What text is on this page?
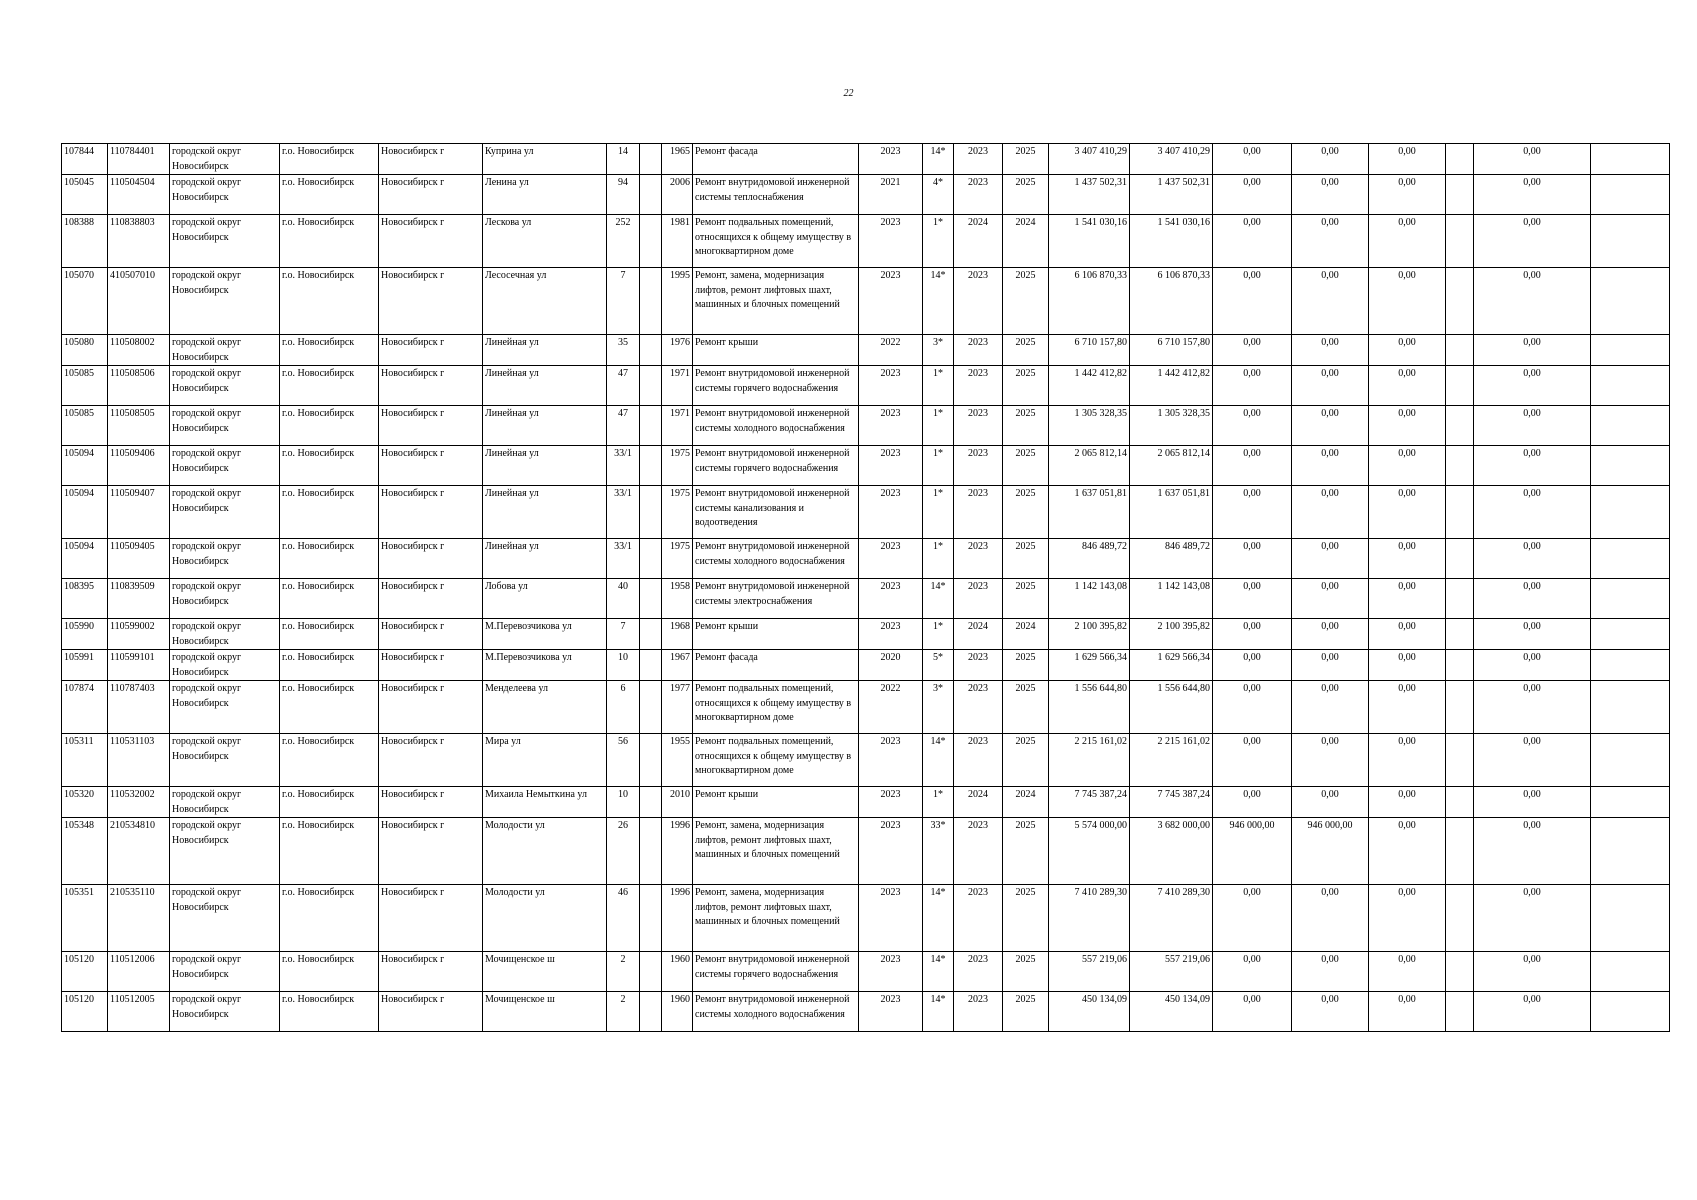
22
107844	110784401	городской округ Новосибирск	г.о. Новосибирск	Новосибирск г	Куприна ул	14		1965	Ремонт фасада	2023	14*	2023	2025	3 407 410,29	3 407 410,29	0,00	0,00	0,00		0,00	
105045	110504504	городской округ Новосибирск	г.о. Новосибирск	Новосибирск г	Ленина ул	94		2006	Ремонт внутридомовой инженерной системы теплоснабжения	2021	4*	2023	2025	1 437 502,31	1 437 502,31	0,00	0,00	0,00		0,00	
108388	110838803	городской округ Новосибирск	г.о. Новосибирск	Новосибирск г	Лескова ул	252		1981	Ремонт подвальных помещений, относящихся к общему имуществу в многоквартирном доме	2023	1*	2024	2024	1 541 030,16	1 541 030,16	0,00	0,00	0,00		0,00	
105070	410507010	городской округ Новосибирск	г.о. Новосибирск	Новосибирск г	Лесосечная ул	7		1995	Ремонт, замена, модернизация лифтов, ремонт лифтовых шахт, машинных и блочных помещений	2023	14*	2023	2025	6 106 870,33	6 106 870,33	0,00	0,00	0,00		0,00	
105080	110508002	городской округ Новосибирск	г.о. Новосибирск	Новосибирск г	Линейная ул	35		1976	Ремонт крыши	2022	3*	2023	2025	6 710 157,80	6 710 157,80	0,00	0,00	0,00		0,00	
105085	110508506	городской округ Новосибирск	г.о. Новосибирск	Новосибирск г	Линейная ул	47		1971	Ремонт внутридомовой инженерной системы горячего водоснабжения	2023	1*	2023	2025	1 442 412,82	1 442 412,82	0,00	0,00	0,00		0,00	
105085	110508505	городской округ Новосибирск	г.о. Новосибирск	Новосибирск г	Линейная ул	47		1971	Ремонт внутридомовой инженерной системы холодного водоснабжения	2023	1*	2023	2025	1 305 328,35	1 305 328,35	0,00	0,00	0,00		0,00	
105094	110509406	городской округ Новосибирск	г.о. Новосибирск	Новосибирск г	Линейная ул	33/1		1975	Ремонт внутридомовой инженерной системы горячего водоснабжения	2023	1*	2023	2025	2 065 812,14	2 065 812,14	0,00	0,00	0,00		0,00	
105094	110509407	городской округ Новосибирск	г.о. Новосибирск	Новосибирск г	Линейная ул	33/1		1975	Ремонт внутридомовой инженерной системы канализования и водоотведения	2023	1*	2023	2025	1 637 051,81	1 637 051,81	0,00	0,00	0,00		0,00	
105094	110509405	городской округ Новосибирск	г.о. Новосибирск	Новосибирск г	Линейная ул	33/1		1975	Ремонт внутридомовой инженерной системы холодного водоснабжения	2023	1*	2023	2025	846 489,72	846 489,72	0,00	0,00	0,00		0,00	
108395	110839509	городской округ Новосибирск	г.о. Новосибирск	Новосибирск г	Лобова ул	40		1958	Ремонт внутридомовой инженерной системы электроснабжения	2023	14*	2023	2025	1 142 143,08	1 142 143,08	0,00	0,00	0,00		0,00	
105990	110599002	городской округ Новосибирск	г.о. Новосибирск	Новосибирск г	М.Перевозчикова ул	7		1968	Ремонт крыши	2023	1*	2024	2024	2 100 395,82	2 100 395,82	0,00	0,00	0,00		0,00	
105991	110599101	городской округ Новосибирск	г.о. Новосибирск	Новосибирск г	М.Перевозчикова ул	10		1967	Ремонт фасада	2020	5*	2023	2025	1 629 566,34	1 629 566,34	0,00	0,00	0,00		0,00	
107874	110787403	городской округ Новосибирск	г.о. Новосибирск	Новосибирск г	Менделеева ул	6		1977	Ремонт подвальных помещений, относящихся к общему имуществу в многоквартирном доме	2022	3*	2023	2025	1 556 644,80	1 556 644,80	0,00	0,00	0,00		0,00	
105311	110531103	городской округ Новосибирск	г.о. Новосибирск	Новосибирск г	Мира ул	56		1955	Ремонт подвальных помещений, относящихся к общему имуществу в многоквартирном доме	2023	14*	2023	2025	2 215 161,02	2 215 161,02	0,00	0,00	0,00		0,00	
105320	110532002	городской округ Новосибирск	г.о. Новосибирск	Новосибирск г	Михаила Немыткина ул	10		2010	Ремонт крыши	2023	1*	2024	2024	7 745 387,24	7 745 387,24	0,00	0,00	0,00		0,00	
105348	210534810	городской округ Новосибирск	г.о. Новосибирск	Новосибирск г	Молодости ул	26		1996	Ремонт, замена, модернизация лифтов, ремонт лифтовых шахт, машинных и блочных помещений	2023	33*	2023	2025	5 574 000,00	3 682 000,00	946 000,00	946 000,00	0,00		0,00	
105351	210535110	городской округ Новосибирск	г.о. Новосибирск	Новосибирск г	Молодости ул	46		1996	Ремонт, замена, модернизация лифтов, ремонт лифтовых шахт, машинных и блочных помещений	2023	14*	2023	2025	7 410 289,30	7 410 289,30	0,00	0,00	0,00		0,00	
105120	110512006	городской округ Новосибирск	г.о. Новосибирск	Новосибирск г	Мочищенское ш	2		1960	Ремонт внутридомовой инженерной системы горячего водоснабжения	2023	14*	2023	2025	557 219,06	557 219,06	0,00	0,00	0,00		0,00	
105120	110512005	городской округ Новосибирск	г.о. Новосибирск	Новосибирск г	Мочищенское ш	2		1960	Ремонт внутридомовой инженерной системы холодного водоснабжения	2023	14*	2023	2025	450 134,09	450 134,09	0,00	0,00	0,00		0,00	
